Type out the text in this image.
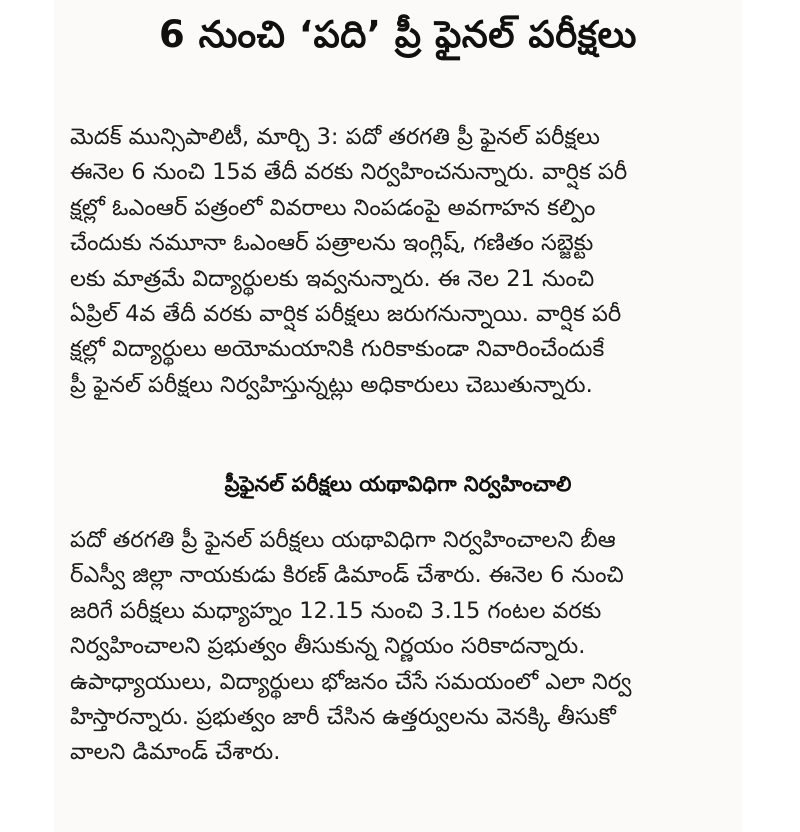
6 నుంచి ‘పది’ ప్రీ ఫైనల్ పరీక్షలు

మెదక్ మున్సిపాలిటీ, మార్చి 3: పదో తరగతి ప్రీ ఫైనల్ పరీక్షలు
ఈనెల 6 నుంచి 15వ తేదీ వరకు నిర్వహించనున్నారు. వార్షిక పరీ
క్షల్లో ఓఎంఆర్ పత్రంలో వివరాలు నింపడంపై అవగాహన కల్పిం
చేందుకు నమూనా ఓఎంఆర్ పత్రాలను ఇంగ్లిష్, గణితం సబ్జెక్టు
లకు మాత్రమే విద్యార్థులకు ఇవ్వనున్నారు. ఈ నెల 21 నుంచి
ఏప్రిల్ 4వ తేదీ వరకు వార్షిక పరీక్షలు జరుగనున్నాయి. వార్షిక పరీ
క్షల్లో విద్యార్థులు అయోమయానికి గురికాకుండా నివారించేందుకే
ప్రీ ఫైనల్ పరీక్షలు నిర్వహిస్తున్నట్లు అధికారులు చెబుతున్నారు.

ప్రీఫైనల్ పరీక్షలు యథావిధిగా నిర్వహించాలి

పదో తరగతి ప్రీ ఫైనల్ పరీక్షలు యథావిధిగా నిర్వహించాలని బీఆ
ర్ఎస్వీ జిల్లా నాయకుడు కిరణ్ డిమాండ్ చేశారు. ఈనెల 6 నుంచి
జరిగే పరీక్షలు మధ్యాహ్నం 12.15 నుంచి 3.15 గంటల వరకు
నిర్వహించాలని ప్రభుత్వం తీసుకున్న నిర్ణయం సరికాదన్నారు.
ఉపాధ్యాయులు, విద్యార్థులు భోజనం చేసే సమయంలో ఎలా నిర్వ
హిస్తారన్నారు. ప్రభుత్వం జారీ చేసిన ఉత్తర్వులను వెనక్కి తీసుకో
వాలని డిమాండ్ చేశారు.
